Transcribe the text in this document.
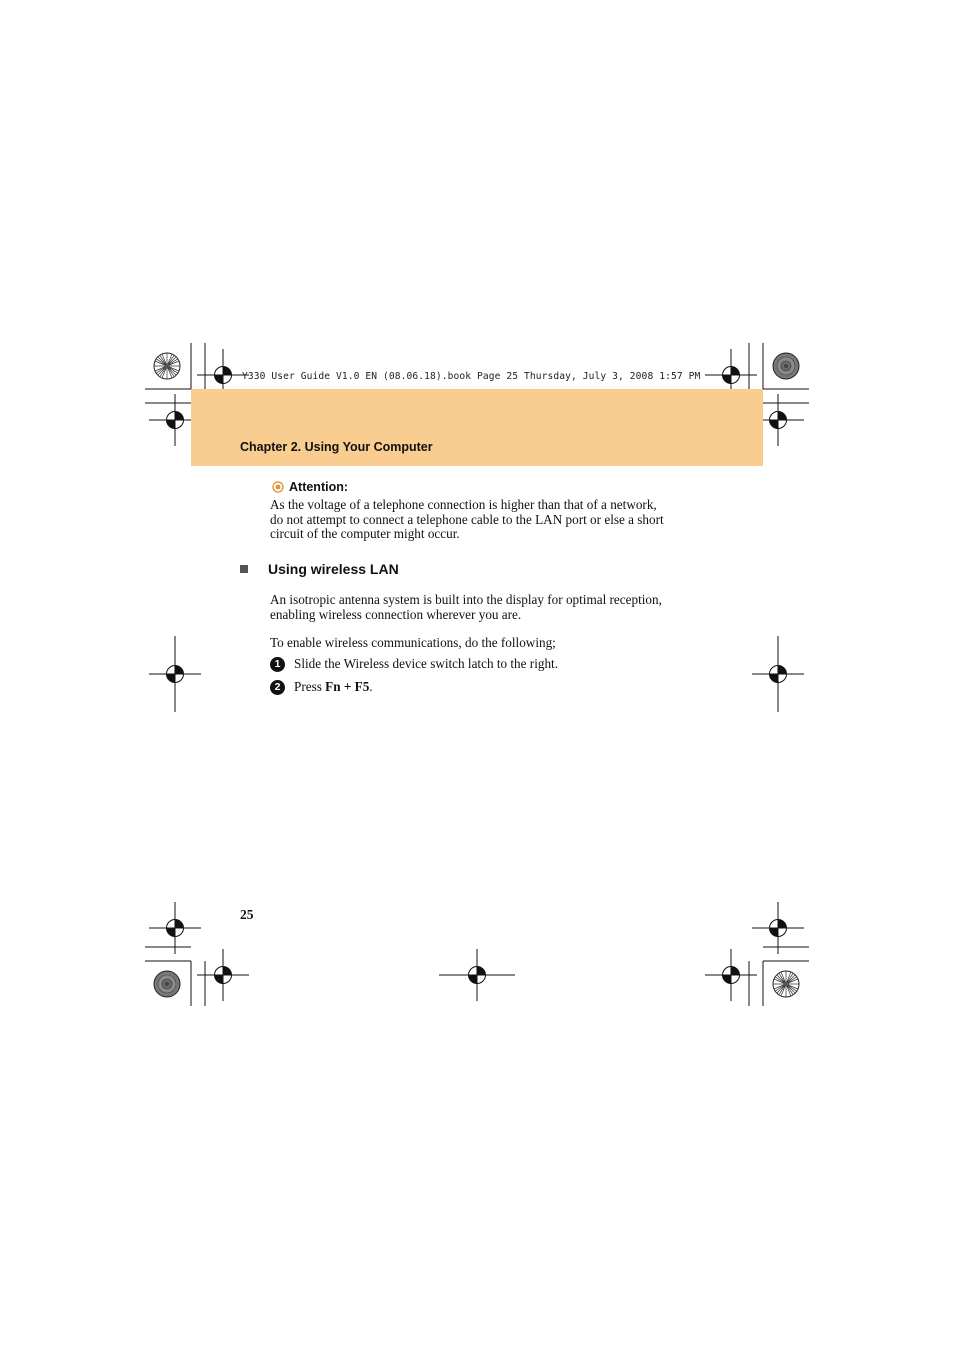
Y330 User Guide V1.0 EN (08.06.18).book Page 25 Thursday, July 3, 2008 1:57 PM
Chapter 2. Using Your Computer
Attention:
As the voltage of a telephone connection is higher than that of a network,
do not attempt to connect a telephone cable to the LAN port or else a short
circuit of the computer might occur.
Using wireless LAN
An isotropic antenna system is built into the display for optimal reception,
enabling wireless connection wherever you are.
To enable wireless communications, do the following;
1	Slide the Wireless device switch latch to the right.
2	Press Fn + F5.
25
